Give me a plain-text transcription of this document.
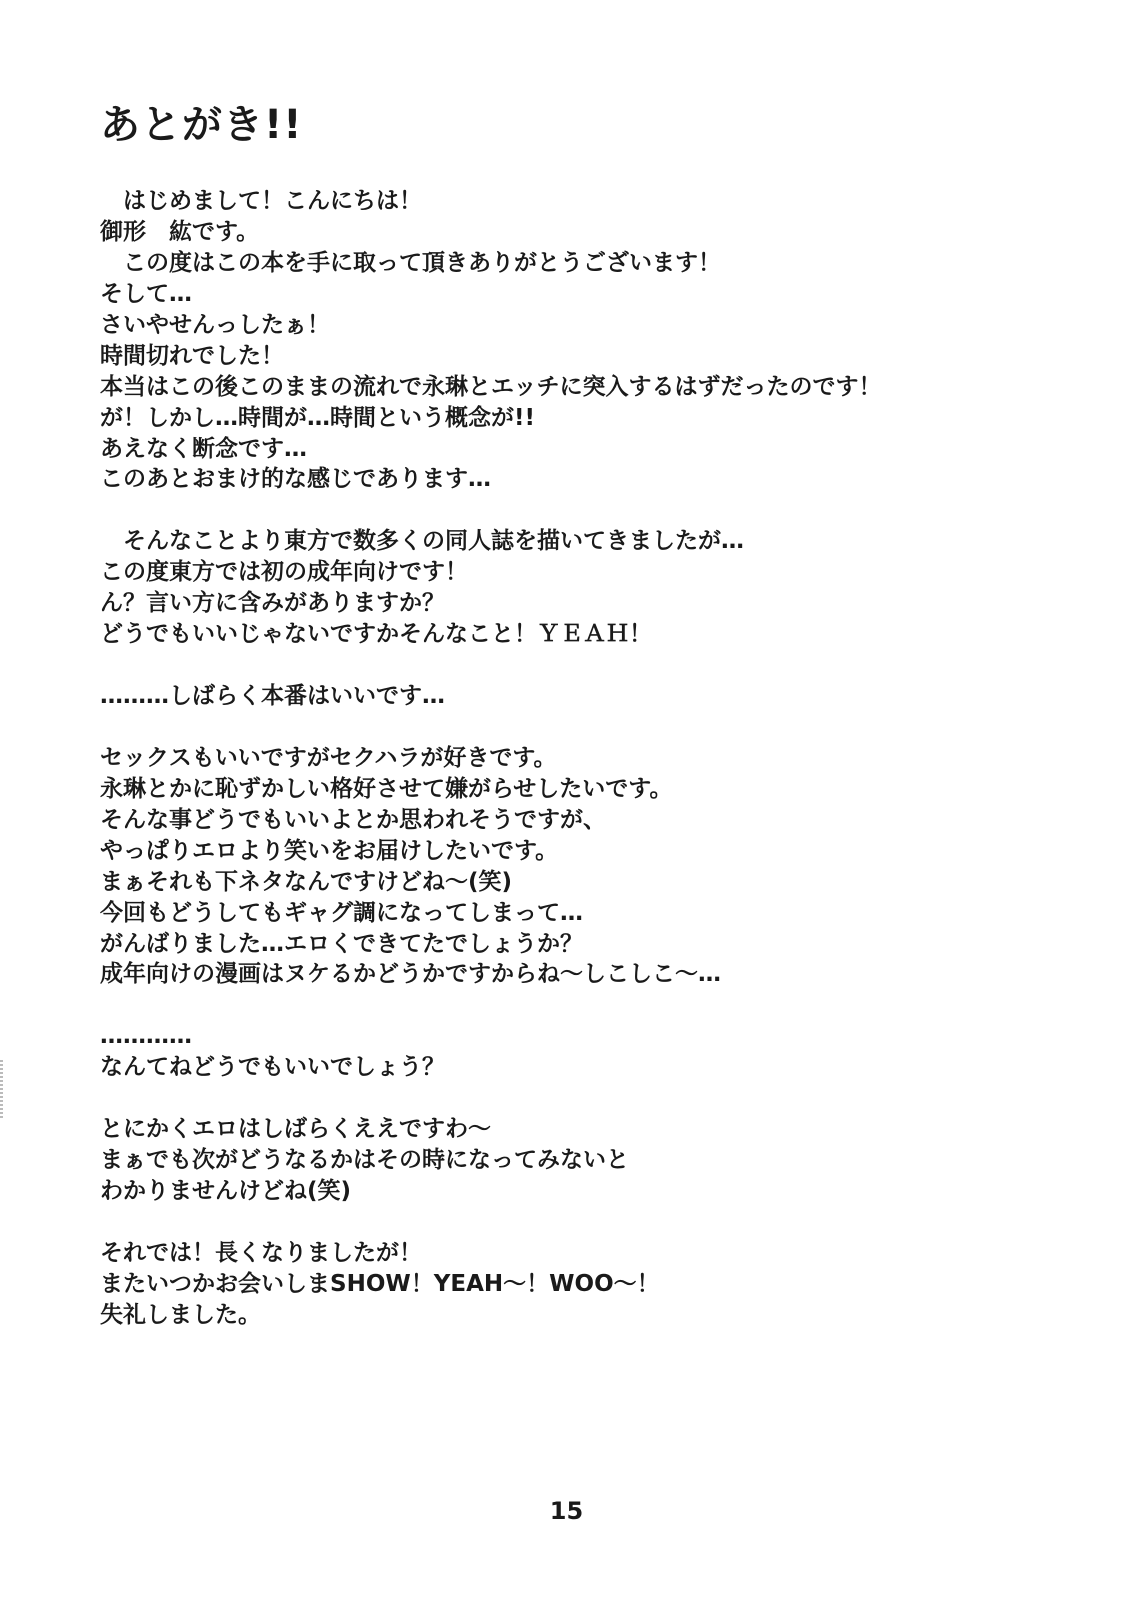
あとがき!!
　はじめまして！こんにちは！
御形　紘です。
　この度はこの本を手に取って頂きありがとうございます！
そして…
さいやせんっしたぁ！
時間切れでした！
本当はこの後このままの流れで永琳とエッチに突入するはずだったのです！
が！しかし…時間が…時間という概念が!!
あえなく断念です…
このあとおまけ的な感じであります…
　そんなことより東方で数多くの同人誌を描いてきましたが…
この度東方では初の成年向けです！
ん？言い方に含みがありますか？
どうでもいいじゃないですかそんなこと！ＹＥＡＨ！
………しばらく本番はいいです…
セックスもいいですがセクハラが好きです。
永琳とかに恥ずかしい格好させて嫌がらせしたいです。
そんな事どうでもいいよとか思われそうですが、
やっぱりエロより笑いをお届けしたいです。
まぁそれも下ネタなんですけどね～(笑)
今回もどうしてもギャグ調になってしまって…
がんばりました…エロくできてたでしょうか？
成年向けの漫画はヌケるかどうかですからね～しこしこ～…
…………
なんてねどうでもいいでしょう？
とにかくエロはしばらくええですわ～
まぁでも次がどうなるかはその時になってみないと
わかりませんけどね(笑)
それでは！長くなりましたが！
またいつかお会いしまSHOW！YEAH～！WOO～！
失礼しました。
15
